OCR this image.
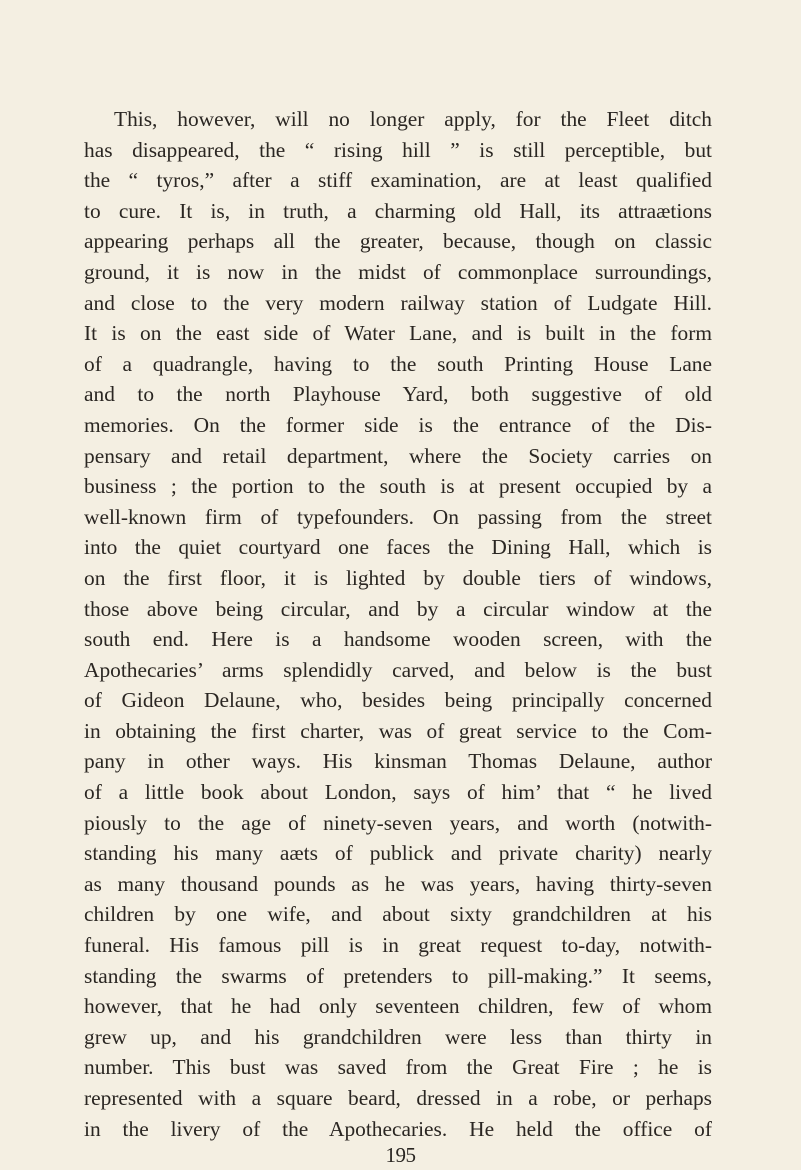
This, however, will no longer apply, for the Fleet ditch
has disappeared, the “ rising hill ” is still perceptible, but
the “ tyros,” after a stiff examination, are at least qualified
to cure. It is, in truth, a charming old Hall, its attraætions
appearing perhaps all the greater, because, though on classic
ground, it is now in the midst of commonplace surroundings,
and close to the very modern railway station of Ludgate Hill.
It is on the east side of Water Lane, and is built in the form
of a quadrangle, having to the south Printing House Lane
and to the north Playhouse Yard, both suggestive of old
memories. On the former side is the entrance of the Dis-
pensary and retail department, where the Society carries on
business ; the portion to the south is at present occupied by a
well-known firm of typefounders. On passing from the street
into the quiet courtyard one faces the Dining Hall, which is
on the first floor, it is lighted by double tiers of windows,
those above being circular, and by a circular window at the
south end. Here is a handsome wooden screen, with the
Apothecaries’ arms splendidly carved, and below is the bust
of Gideon Delaune, who, besides being principally concerned
in obtaining the first charter, was of great service to the Com-
pany in other ways. His kinsman Thomas Delaune, author
of a little book about London, says of him’ that “ he lived
piously to the age of ninety-seven years, and worth (notwith-
standing his many aæts of publick and private charity) nearly
as many thousand pounds as he was years, having thirty-seven
children by one wife, and about sixty grandchildren at his
funeral. His famous pill is in great request to-day, notwith-
standing the swarms of pretenders to pill-making.” It seems,
however, that he had only seventeen children, few of whom
grew up, and his grandchildren were less than thirty in
number. This bust was saved from the Great Fire ; he is
represented with a square beard, dressed in a robe, or perhaps
in the livery of the Apothecaries. He held the office of
195
